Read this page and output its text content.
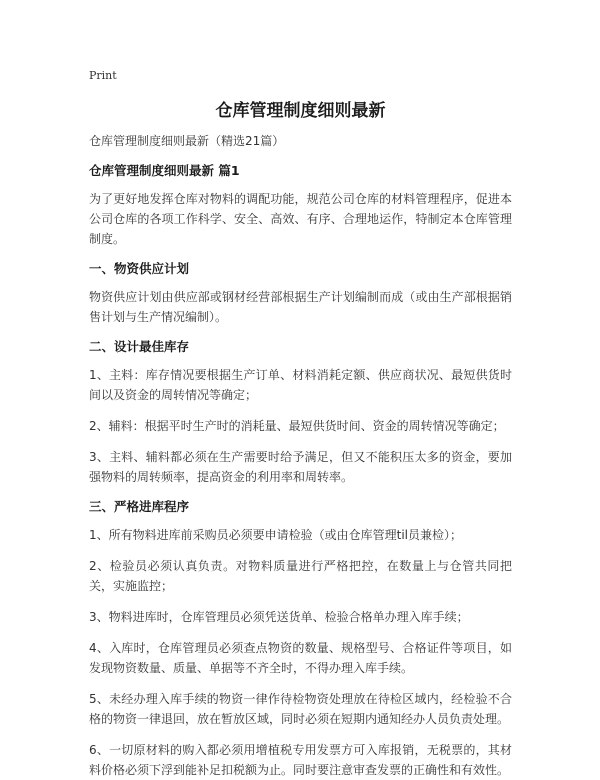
Print
仓库管理制度细则最新
仓库管理制度细则最新（精选21篇）
仓库管理制度细则最新 篇1
为了更好地发挥仓库对物料的调配功能，规范公司仓库的材料管理程序，促进本公司仓库的各项工作科学、安全、高效、有序、合理地运作，特制定本仓库管理制度。
一、物资供应计划
物资供应计划由供应部或钢材经营部根据生产计划编制而成（或由生产部根据销售计划与生产情况编制）。
二、设计最佳库存
1、主料：库存情况要根据生产订单、材料消耗定额、供应商状况、最短供货时间以及资金的周转情况等确定；
2、辅料：根据平时生产时的消耗量、最短供货时间、资金的周转情况等确定；
3、主料、辅料都必须在生产需要时给予满足，但又不能积压太多的资金，要加强物料的周转频率，提高资金的利用率和周转率。
三、严格进库程序
1、所有物料进库前采购员必须要申请检验（或由仓库管理til员兼检）；
2、检验员必须认真负责。对物料质量进行严格把控，在数量上与仓管共同把关，实施监控；
3、物料进库时，仓库管理员必须凭送货单、检验合格单办理入库手续；
4、入库时，仓库管理员必须查点物资的数量、规格型号、合格证件等项目，如发现物资数量、质量、单据等不齐全时，不得办理入库手续。
5、未经办理入库手续的物资一律作待检物资处理放在待检区域内，经检验不合格的物资一律退回，放在暂放区域，同时必须在短期内通知经办人员负责处理。
6、一切原材料的购入都必须用增植税专用发票方可入库报销，无税票的，其材料价格必须下浮到能补足扣税额为止。同时要注意审查发票的正确性和有效性。
